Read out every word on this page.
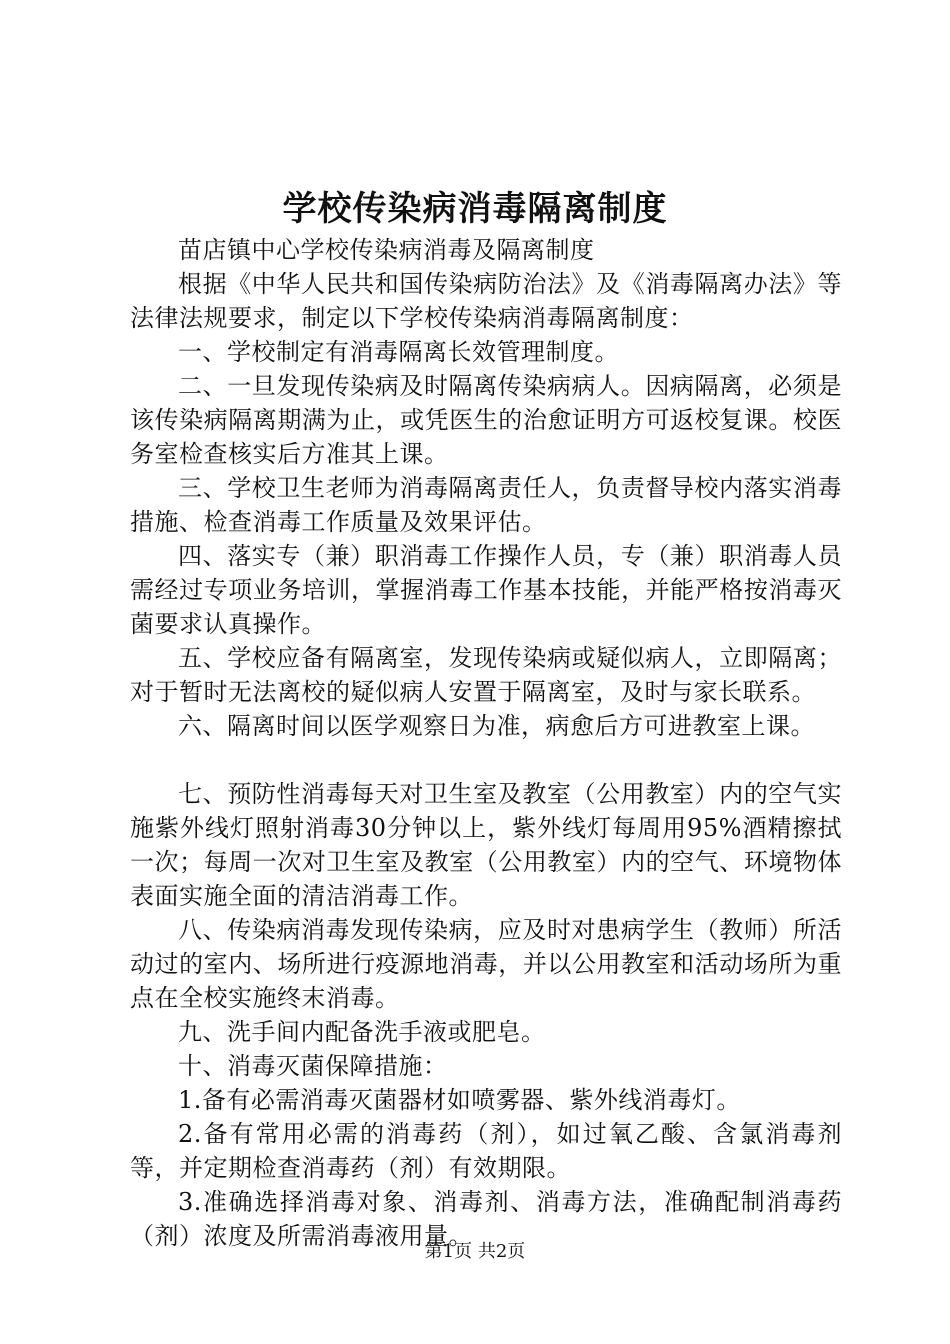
学校传染病消毒隔离制度

苗店镇中心学校传染病消毒及隔离制度

根据《中华人民共和国传染病防治法》及《消毒隔离办法》等法律法规要求，制定以下学校传染病消毒隔离制度：

一、学校制定有消毒隔离长效管理制度。

二、一旦发现传染病及时隔离传染病病人。因病隔离，必须是该传染病隔离期满为止，或凭医生的治愈证明方可返校复课。校医务室检查核实后方准其上课。

三、学校卫生老师为消毒隔离责任人，负责督导校内落实消毒措施、检查消毒工作质量及效果评估。

四、落实专（兼）职消毒工作操作人员，专（兼）职消毒人员需经过专项业务培训，掌握消毒工作基本技能，并能严格按消毒灭菌要求认真操作。

五、学校应备有隔离室，发现传染病或疑似病人，立即隔离；对于暂时无法离校的疑似病人安置于隔离室，及时与家长联系。

六、隔离时间以医学观察日为准，病愈后方可进教室上课。

七、预防性消毒每天对卫生室及教室（公用教室）内的空气实施紫外线灯照射消毒30分钟以上，紫外线灯每周用95%酒精擦拭一次；每周一次对卫生室及教室（公用教室）内的空气、环境物体表面实施全面的清洁消毒工作。

八、传染病消毒发现传染病，应及时对患病学生（教师）所活动过的室内、场所进行疫源地消毒，并以公用教室和活动场所为重点在全校实施终末消毒。

九、洗手间内配备洗手液或肥皂。

十、消毒灭菌保障措施：

1.备有必需消毒灭菌器材如喷雾器、紫外线消毒灯。

2.备有常用必需的消毒药（剂），如过氧乙酸、含氯消毒剂等，并定期检查消毒药（剂）有效期限。

3.准确选择消毒对象、消毒剂、消毒方法，准确配制消毒药（剂）浓度及所需消毒液用量。

第1页 共2页
